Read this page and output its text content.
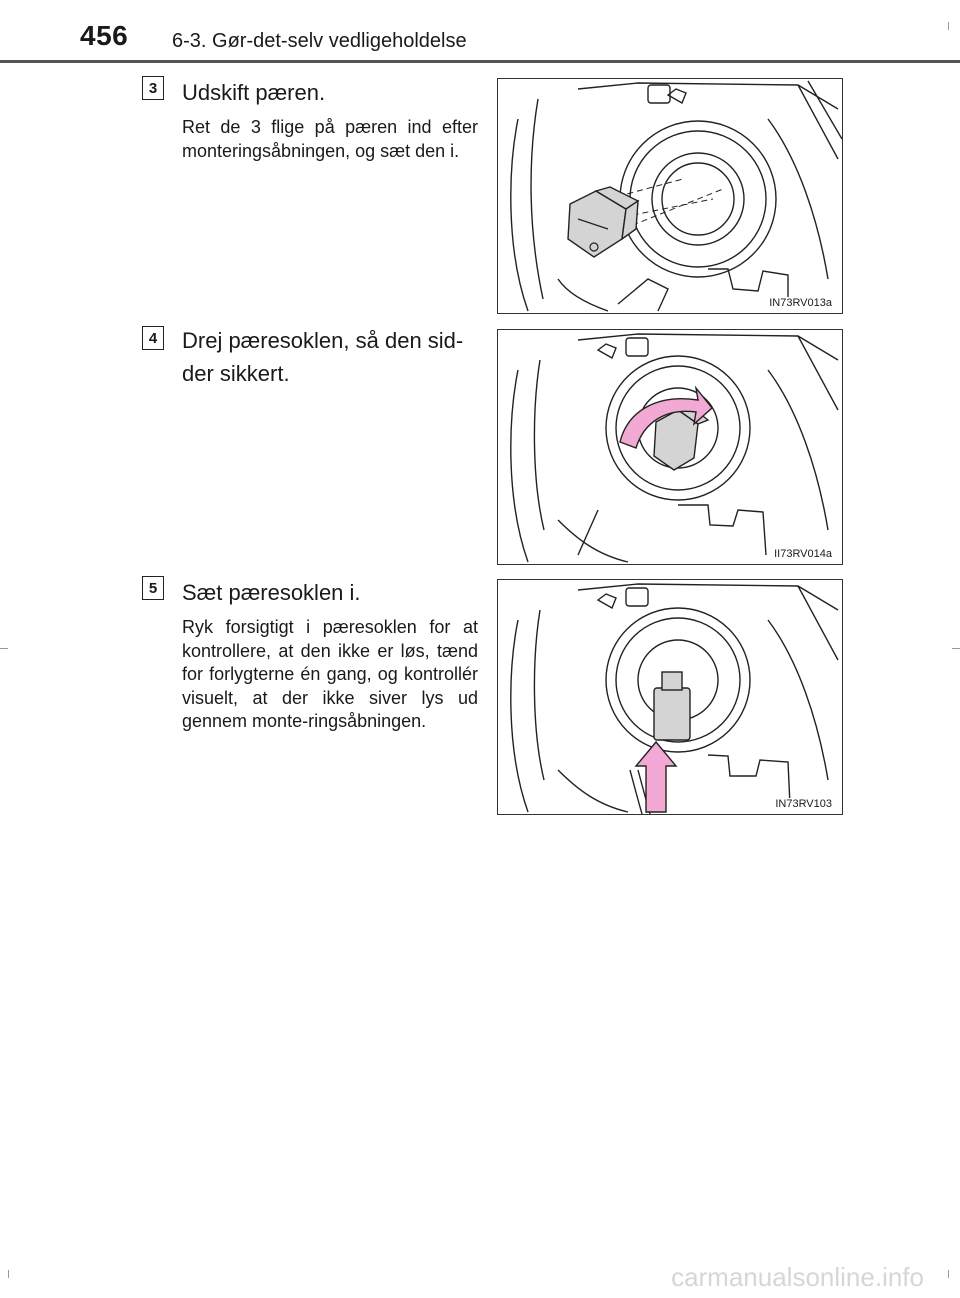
456 6-3. Gør-det-selv vedligeholdelse
3	Udskift pæren.
Ret de 3 flige på pæren ind efter monteringsåbningen, og sæt den i.
IN73RV013a
4	Drej pæresoklen, så den sid-der sikkert.
II73RV014a
5	Sæt pæresoklen i.
Ryk forsigtigt i pæresoklen for at kontrollere, at den ikke er løs, tænd for forlygterne én gang, og kontrollér visuelt, at der ikke siver lys ud gennem monte-ringsåbningen.
IN73RV103
carmanualsonline.info
